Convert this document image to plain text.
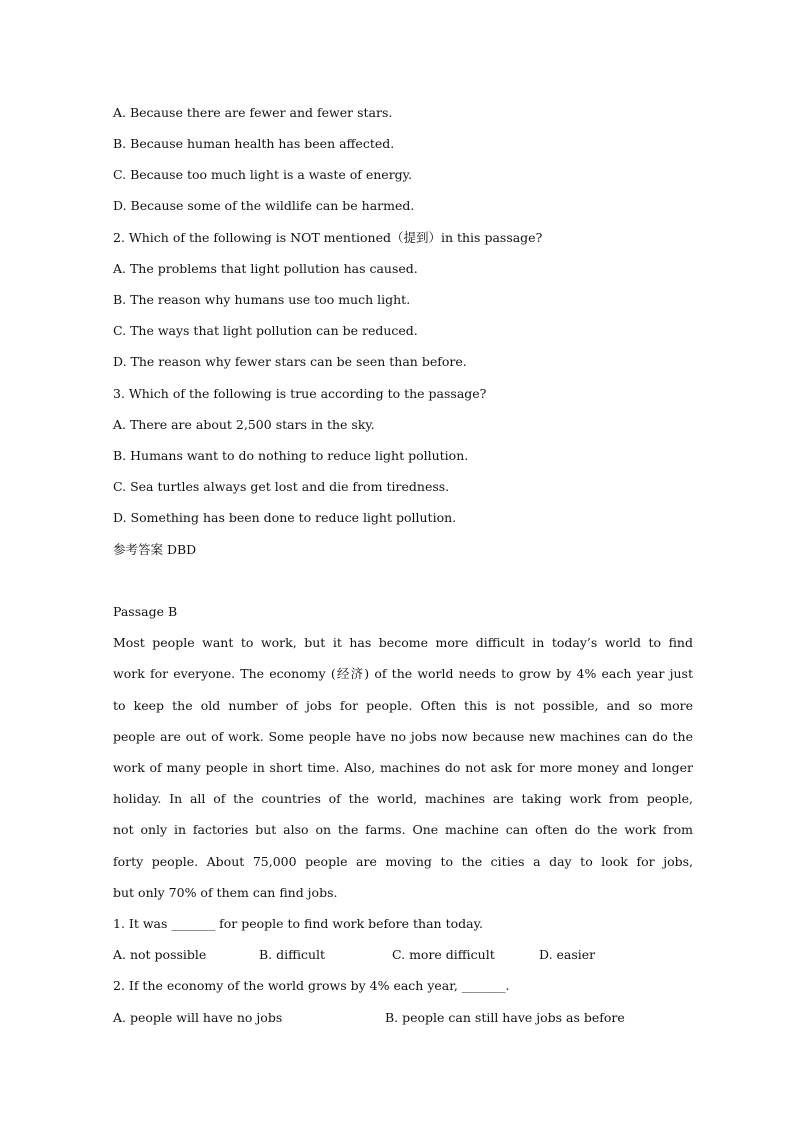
A. Because there are fewer and fewer stars.
B. Because human health has been affected.
C. Because too much light is a waste of energy.
D. Because some of the wildlife can be harmed.
2. Which of the following is NOT mentioned（提到）in this passage?
A. The problems that light pollution has caused.
B. The reason why humans use too much light.
C. The ways that light pollution can be reduced.
D. The reason why fewer stars can be seen than before.
3. Which of the following is true according to the passage?
A. There are about 2,500 stars in the sky.
B. Humans want to do nothing to reduce light pollution.
C. Sea turtles always get lost and die from tiredness.
D. Something has been done to reduce light pollution.
参考答案 DBD
Passage B
Most people want to work, but it has become more difficult in today’s world to find
work for everyone. The economy (经济) of the world needs to grow by 4% each year just
to keep the old number of jobs for people. Often this is not possible, and so more
people are out of work. Some people have no jobs now because new machines can do the
work of many people in short time. Also, machines do not ask for more money and longer
holiday. In all of the countries of the world, machines are taking work from people,
not only in factories but also on the farms. One machine can often do the work from
forty people. About 75,000 people are moving to the cities a day to look for jobs,
but only 70% of them can find jobs.
1. It was _______ for people to find work before than today.
A. not possible	B. difficult	C. more difficult	D. easier
2. If the economy of the world grows by 4% each year, _______.
A. people will have no jobs	B. people can still have jobs as before
